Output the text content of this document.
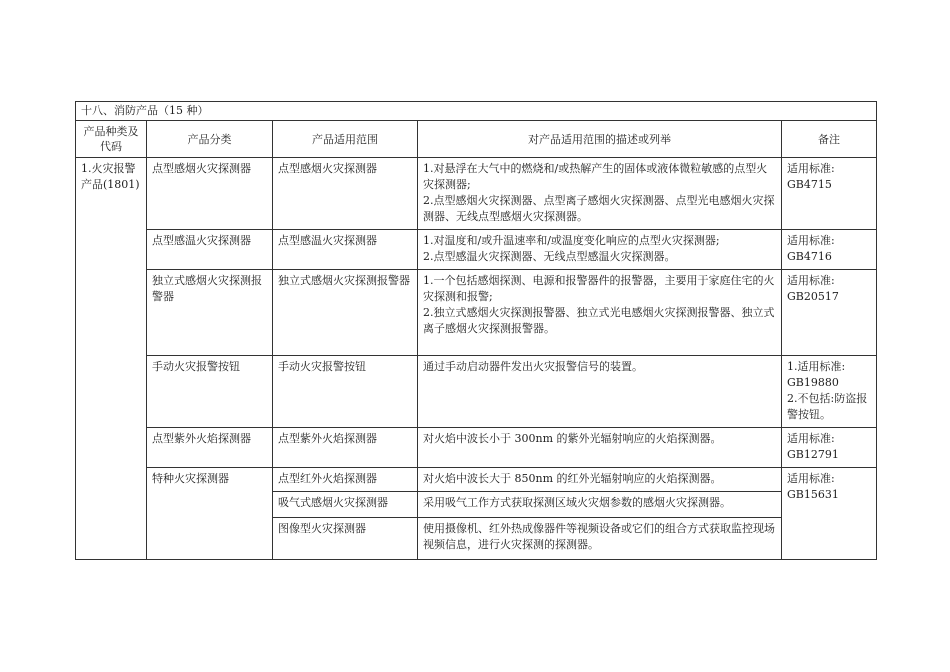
十八、消防产品（15 种）				
产品种类及代码	产品分类	产品适用范围	对产品适用范围的描述或列举	备注
1.火灾报警产品(1801)	点型感烟火灾探测器	点型感烟火灾探测器	1.对悬浮在大气中的燃烧和/或热解产生的固体或液体微粒敏感的点型火灾探测器;
2.点型感烟火灾探测器、点型离子感烟火灾探测器、点型光电感烟火灾探测器、无线点型感烟火灾探测器。	适用标准:
GB4715

	点型感温火灾探测器	点型感温火灾探测器	1.对温度和/或升温速率和/或温度变化响应的点型火灾探测器;
2.点型感温火灾探测器、无线点型感温火灾探测器。	适用标准:
GB4716

	独立式感烟火灾探测报警器	独立式感烟火灾探测报警器	1.一个包括感烟探测、电源和报警器件的报警器，主要用于家庭住宅的火灾探测和报警;
2.独立式感烟火灾探测报警器、独立式光电感烟火灾探测报警器、独立式离子感烟火灾探测报警器。	适用标准:
GB20517

	手动火灾报警按钮	手动火灾报警按钮	通过手动启动器件发出火灾报警信号的装置。	1.适用标准:
GB19880
2.不包括:防盗报警按钮。

	点型紫外火焰探测器	点型紫外火焰探测器	对火焰中波长小于 300nm 的紫外光辐射响应的火焰探测器。	适用标准:
GB12791

	特种火灾探测器	点型红外火焰探测器	对火焰中波长大于 850nm 的红外光辐射响应的火焰探测器。	适用标准:
GB15631

		吸气式感烟火灾探测器	采用吸气工作方式获取探测区域火灾烟参数的感烟火灾探测器。	
		图像型火灾探测器	使用摄像机、红外热成像器件等视频设备或它们的组合方式获取监控现场视频信息，进行火灾探测的探测器。	
